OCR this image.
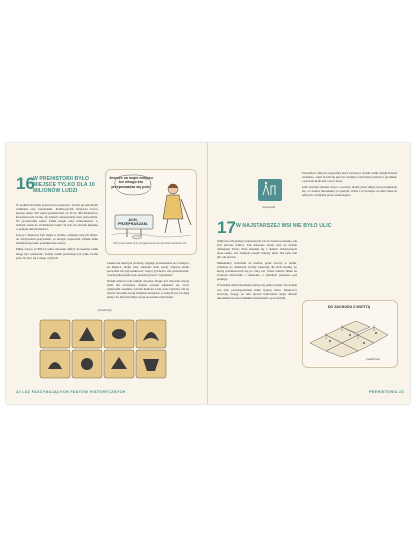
16
W PREHISTORII BYŁO MIEJSCE TYLKO DLA 10 MILIONÓW LUDZI

W prehistorii ludzie polowali na zwierzęta i żywili się zebranymi roślinami oraz korzeniami. Prehistoryczni zbieracze łowcy (Grupa około 100 osób) potrzebowali od 30 do 300 kilometrów kwadratowych terenu, by znaleźć odpowiednią ilość pożywienia. Na powierzchni lądów Ziemi mogło więc zamieszkiwać w tamtym czasie do 10 milionów ludzi. To tyle, ile obecnie mieszka w jednym dużym mieście.

Łowcy i zbieracze byli ciągle w drodze, szukając nowych miejsc do zdobywania pożywienia, za którym wędrowali. Dzięki temu zmieniali się także poszukiwane zasoby.

Mniej więcej 12 000 lat temu człowiek odkrył, że nasiona roślin mogą być zasiewane. Każdy rolnik potrzebuje już tylko trochę pola, by móc się z niego wyżywić.

Ludzie nie mieli już potrzeby ciągłego przenoszenia się z miejsca na miejsce, mogli więc zakładać stałe osady. Uprawa ziemi pozwoliła im wyprodukować więcej żywności, niż potrzebowali, a nadwyżkę można było przechowywać i wymieniać.

Dzięki temu na tym samym obszarze mogło żyć znacznie więcej ludzi niż wcześniej. Ziemia zaczęła zapełniać się coraz większymi osadami, a liczba ludności rosła coraz szybciej. Od tej chwili człowiek zaczął zmieniać krajobraz, w którym żył, na dużą skalę i do dziś kształtuje swoje otoczenie rolnictwem.

Jeszcze na mojm miejscu też nikogo kto przeprowadza się pole.
ACH, PRZEPRASZAM.
Pierwsza osada była przygotowana na zjawiska kamienia źle
przedmioty
22 LUZ FASCYNUJĄCYCH FAKTÓW HISTORYCZNYCH
metropolia
17 W NAJSTARSZEJ WSI NIE BYŁO ULIC

Odkrycie ruin jednej z najstarszych wsi na świecie pokazało, jak żyli pierwsi rolnicy. Tak nazwane osady leżą na terenie dzisiejszej Turcji. Wieś składała się z domów zbudowanych obok siebie, bez żadnych przejść między nimi. Nie było tam ulic ani placów.

Mieszkańcy wchodzili do domów przez otwory w dachu, schodząc po drabinach. Dachy stanowiły dla nich ścieżkę, po której przemieszczali się po całej wsi. Wiele domów miało na ścianach malowidła i zdobienia, a zmarłych grzebano pod podłogą.

W każdym domu mieszkała zazwyczaj jedna rodzina. Na terenie wsi żyło prawdopodobnie kilka tysięcy ludzi. Naukowcy zwracają uwagę, że taki sposób budowania mógł chronić mieszkańców przed dzikimi zwierzętami i powodziami.

Prawdziwe odkrycie zapewniły kości zwierząt i resztki roślin, dzięki którym wiadomo, czym żywili się pierwsi osadnicy. Uprawiali pszenicę i jęczmień, a ponadto hodowali owce i kozy.

Jedli również zebrane owoce i orzechy. Osady przez długi czas powiększały się, a w końcu mieszkańcy je opuścili. Wiele z tych miejsc do dziś czeka na odkrycie i zbadanie przez archeologów.

DO ZACHODU Z WIZYTĄ
Çatalhöyük
PREHISTORIA 23
